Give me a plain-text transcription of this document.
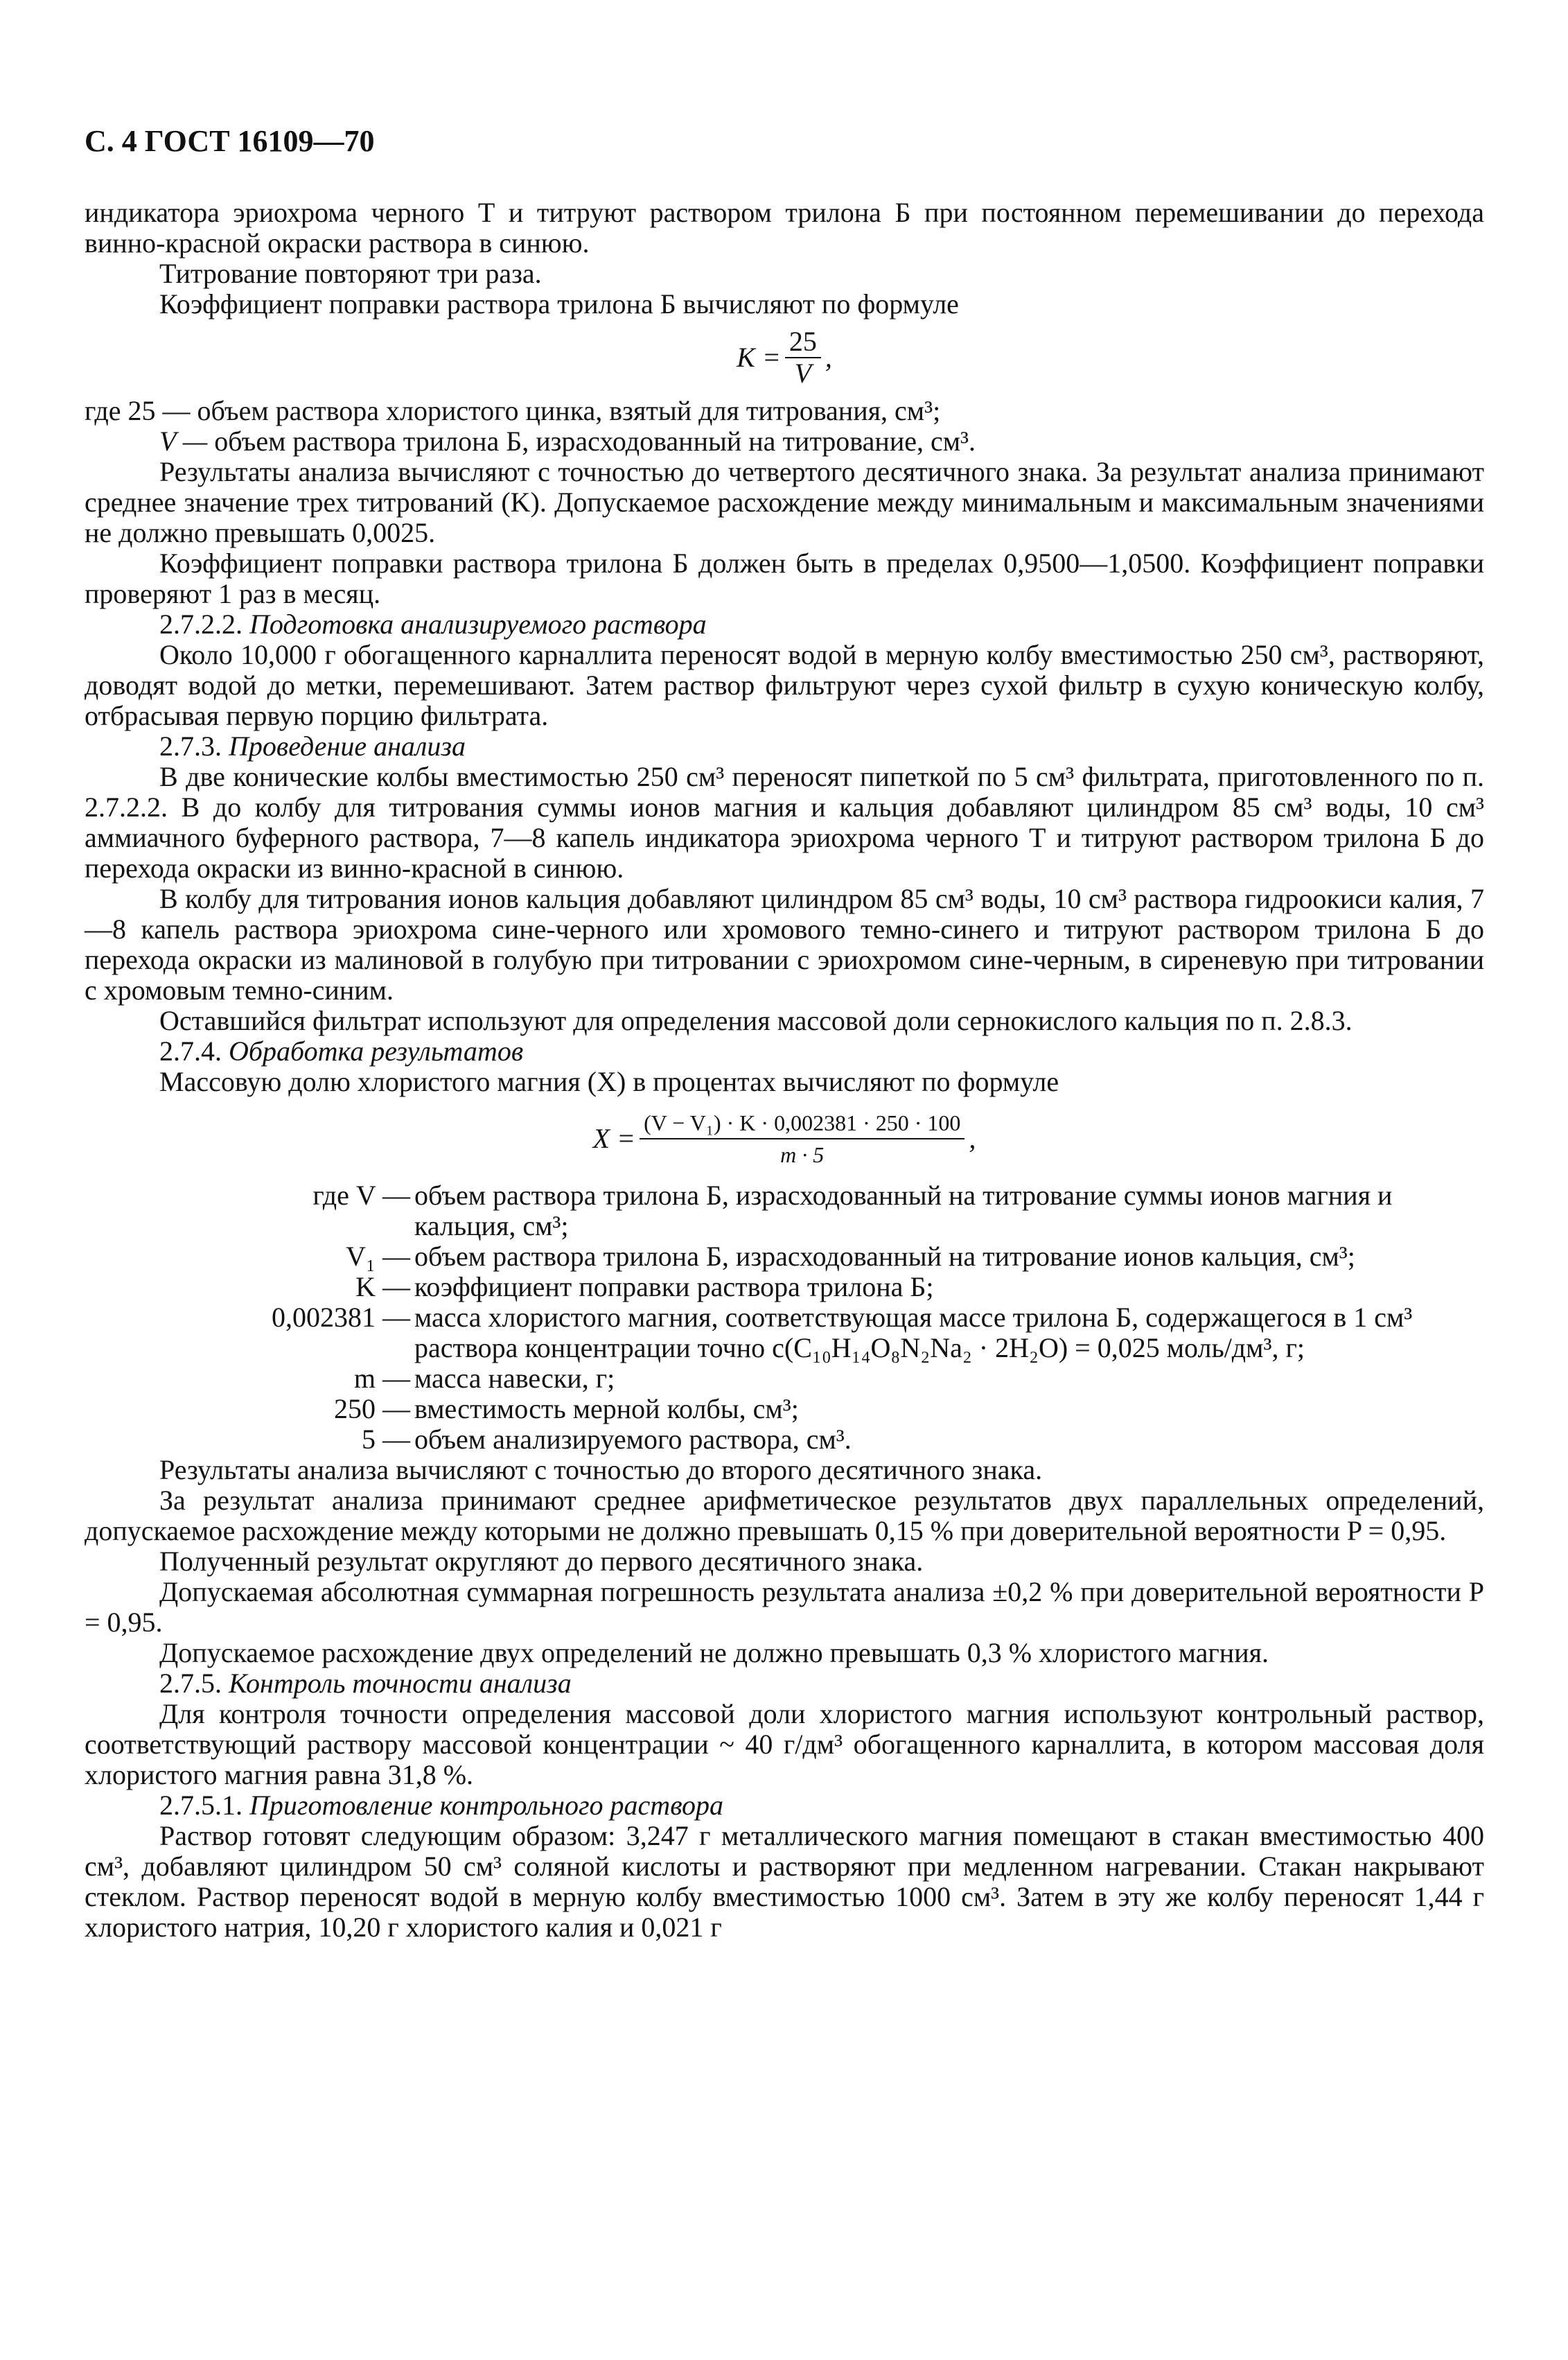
С. 4 ГОСТ 16109—70

индикатора эриохрома черного Т и титруют раствором трилона Б при постоянном перемешивании до перехода винно-красной окраски раствора в синюю.

Титрование повторяют три раза.

Коэффициент поправки раствора трилона Б вычисляют по формуле

$K = \frac{25}{V}$ ,

где 25 — объем раствора хлористого цинка, взятый для титрования, см³;

V — объем раствора трилона Б, израсходованный на титрование, см³.

Результаты анализа вычисляют с точностью до четвертого десятичного знака. За результат анализа принимают среднее значение трех титрований (K). Допускаемое расхождение между минимальным и максимальным значениями не должно превышать 0,0025.

Коэффициент поправки раствора трилона Б должен быть в пределах 0,9500—1,0500. Коэффициент поправки проверяют 1 раз в месяц.

2.7.2.2. Подготовка анализируемого раствора

Около 10,000 г обогащенного карналлита переносят водой в мерную колбу вместимостью 250 см³, растворяют, доводят водой до метки, перемешивают. Затем раствор фильтруют через сухой фильтр в сухую коническую колбу, отбрасывая первую порцию фильтрата.

2.7.3. Проведение анализа

В две конические колбы вместимостью 250 см³ переносят пипеткой по 5 см³ фильтрата, приготовленного по п. 2.7.2.2. В до колбу для титрования суммы ионов магния и кальция добавляют цилиндром 85 см³ воды, 10 см³ аммиачного буферного раствора, 7—8 капель индикатора эриохрома черного Т и титруют раствором трилона Б до перехода окраски из винно-красной в синюю.

В колбу для титрования ионов кальция добавляют цилиндром 85 см³ воды, 10 см³ раствора гидроокиси калия, 7—8 капель раствора эриохрома сине-черного или хромового темно-синего и титруют раствором трилона Б до перехода окраски из малиновой в голубую при титровании с эриохромом сине-черным, в сиреневую при титровании с хромовым темно-синим.

Оставшийся фильтрат используют для определения массовой доли сернокислого кальция по п. 2.8.3.

2.7.4. Обработка результатов

Массовую долю хлористого магния (X) в процентах вычисляют по формуле

$X = \frac{\text{(V − V₁) · K · 0,002381 · 250 · 100}}{m \cdot 5}$ ,
где V — объем раствора трилона Б, израсходованный на титрование суммы ионов магния и кальция, см³;
V₁ — объем раствора трилона Б, израсходованный на титрование ионов кальция, см³;
K — коэффициент поправки раствора трилона Б;
0,002381 — масса хлористого магния, соответствующая массе трилона Б, содержащегося в 1 см³ раствора концентрации точно c(C₁₀H₁₄O₈N₂Na₂ · 2H₂O) = 0,025 моль/дм³, г;
m — масса навески, г;
250 — вместимость мерной колбы, см³;
5 — объем анализируемого раствора, см³.

Результаты анализа вычисляют с точностью до второго десятичного знака.

За результат анализа принимают среднее арифметическое результатов двух параллельных определений, допускаемое расхождение между которыми не должно превышать 0,15 % при доверительной вероятности P = 0,95.

Полученный результат округляют до первого десятичного знака.

Допускаемая абсолютная суммарная погрешность результата анализа ±0,2 % при доверительной вероятности P = 0,95.

Допускаемое расхождение двух определений не должно превышать 0,3 % хлористого магния.

2.7.5. Контроль точности анализа

Для контроля точности определения массовой доли хлористого магния используют контрольный раствор, соответствующий раствору массовой концентрации ~ 40 г/дм³ обогащенного карналлита, в котором массовая доля хлористого магния равна 31,8 %.

2.7.5.1. Приготовление контрольного раствора

Раствор готовят следующим образом: 3,247 г металлического магния помещают в стакан вместимостью 400 см³, добавляют цилиндром 50 см³ соляной кислоты и растворяют при медленном нагревании. Стакан накрывают стеклом. Раствор переносят водой в мерную колбу вместимостью 1000 см³. Затем в эту же колбу переносят 1,44 г хлористого натрия, 10,20 г хлористого калия и 0,021 г
